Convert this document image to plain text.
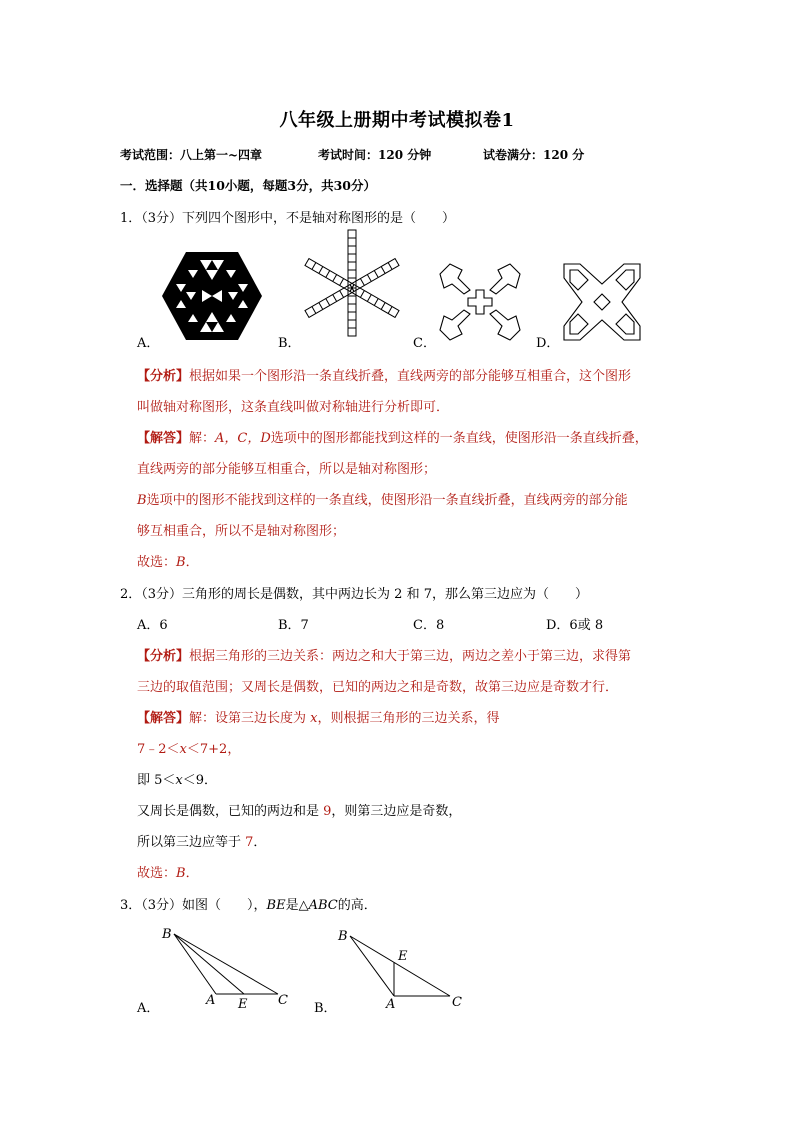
八年级上册期中考试模拟卷1
考试范围：八上第一~四章	考试时间：120 分钟	试卷满分：120 分
一．选择题（共10小题，每题3分，共30分）
1．（3分）下列四个图形中，不是轴对称图形的是（　　）
A．	B．	C．	D．
【分析】根据如果一个图形沿一条直线折叠，直线两旁的部分能够互相重合，这个图形
叫做轴对称图形，这条直线叫做对称轴进行分析即可．
【解答】解：A，C，D选项中的图形都能找到这样的一条直线，使图形沿一条直线折叠，
直线两旁的部分能够互相重合，所以是轴对称图形；
B选项中的图形不能找到这样的一条直线，使图形沿一条直线折叠，直线两旁的部分能
够互相重合，所以不是轴对称图形；
故选：B．
2．（3分）三角形的周长是偶数，其中两边长为 2 和 7，那么第三边应为（　　）
A．6	B．7	C．8	D．6或 8
【分析】根据三角形的三边关系：两边之和大于第三边，两边之差小于第三边，求得第
三边的取值范围；又周长是偶数，已知的两边之和是奇数，故第三边应是奇数才行．
【解答】解：设第三边长度为 x，则根据三角形的三边关系，得
7﹣2＜x＜7+2，
即 5＜x＜9．
又周长是偶数，已知的两边和是 9，则第三边应是奇数，
所以第三边应等于 7．
故选：B．
3．（3分）如图（　　），BE是△ABC的高．
B
A E C
A．
B
E
A	C
B．
